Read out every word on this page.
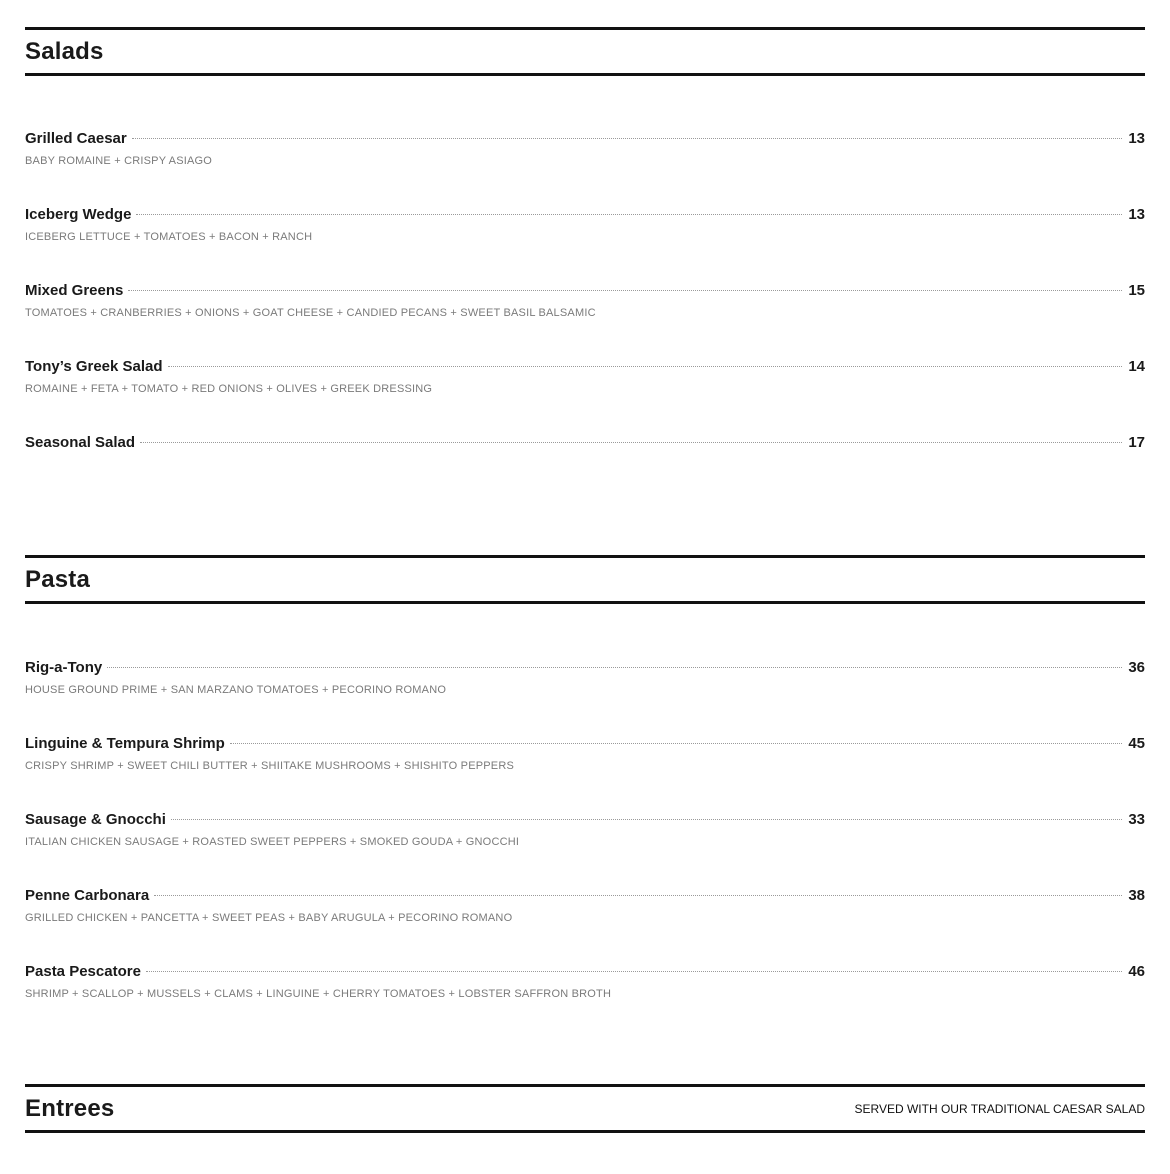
Salads
Grilled Caesar	13
BABY ROMAINE + CRISPY ASIAGO
Iceberg Wedge	13
ICEBERG LETTUCE + TOMATOES + BACON + RANCH
Mixed Greens	15
TOMATOES + CRANBERRIES + ONIONS + GOAT CHEESE + CANDIED PECANS + SWEET BASIL BALSAMIC
Tony’s Greek Salad	14
ROMAINE + FETA + TOMATO + RED ONIONS + OLIVES + GREEK DRESSING
Seasonal Salad	17
Pasta
Rig-a-Tony	36
HOUSE GROUND PRIME + SAN MARZANO TOMATOES + PECORINO ROMANO
Linguine & Tempura Shrimp	45
CRISPY SHRIMP + SWEET CHILI BUTTER + SHIITAKE MUSHROOMS + SHISHITO PEPPERS
Sausage & Gnocchi	33
ITALIAN CHICKEN SAUSAGE + ROASTED SWEET PEPPERS + SMOKED GOUDA + GNOCCHI
Penne Carbonara	38
GRILLED CHICKEN + PANCETTA + SWEET PEAS + BABY ARUGULA + PECORINO ROMANO
Pasta Pescatore	46
SHRIMP + SCALLOP + MUSSELS + CLAMS + LINGUINE + CHERRY TOMATOES + LOBSTER SAFFRON BROTH
Entrees	SERVED WITH OUR TRADITIONAL CAESAR SALAD
